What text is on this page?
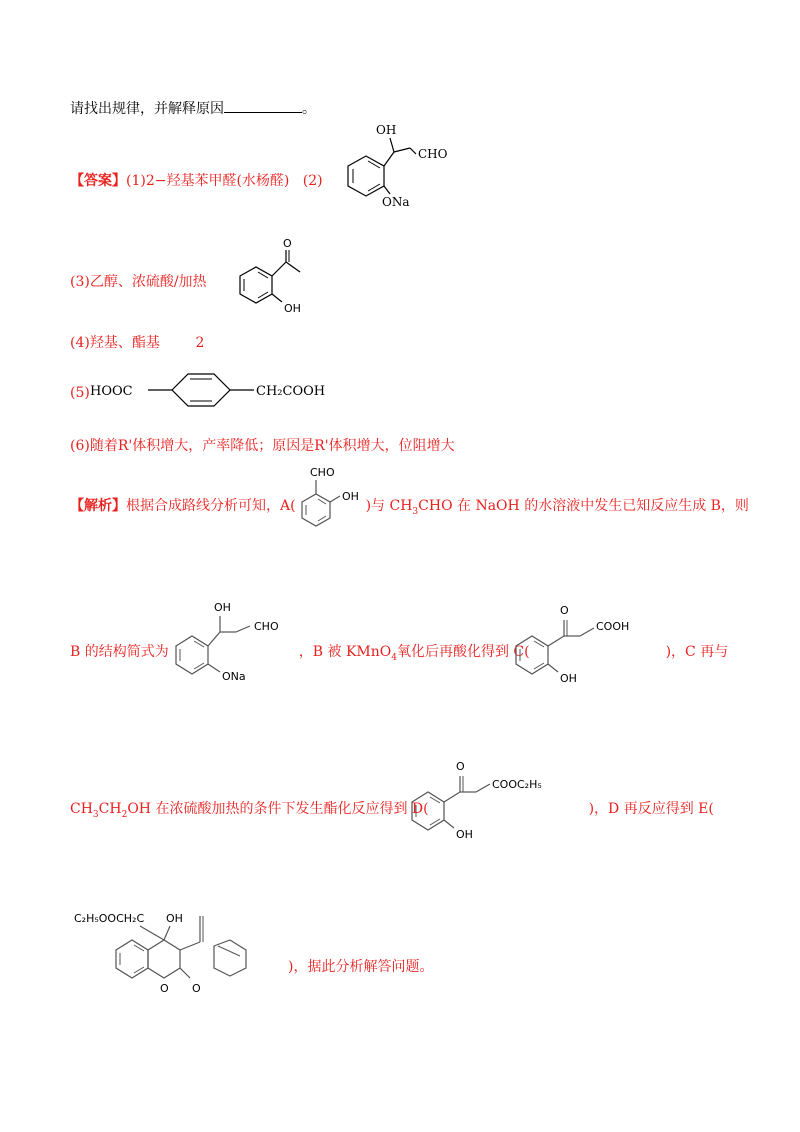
请找出规律，并解释原因	。
【答案】(1)2−羟基苯甲醛(水杨醛) (2)
OH
CHO
ONa
(3)乙醇、浓硫酸/加热
O
OH
(4)羟基、酯基	2
(5) HOOC	CH₂COOH
(6)随着R'体积增大，产率降低；原因是R'体积增大，位阻增大
【解析】根据合成路线分析可知，A(	)与 $CH_3CHO$ 在 NaOH 的水溶液中发生已知反应生成 B，则
CHO
OH
B 的结构简式为	，B 被 KMnO$_4$氧化后再酸化得到 C(	)，C 再与
OH
CHO
ONa
O
COOH
OH
$CH_3CH_2OH$ 在浓硫酸加热的条件下发生酯化反应得到 D(	)，D 再反应得到 E(
O
COOC₂H₅
OH
C₂H₅OOCH₂C OH
O O
)，据此分析解答问题。
